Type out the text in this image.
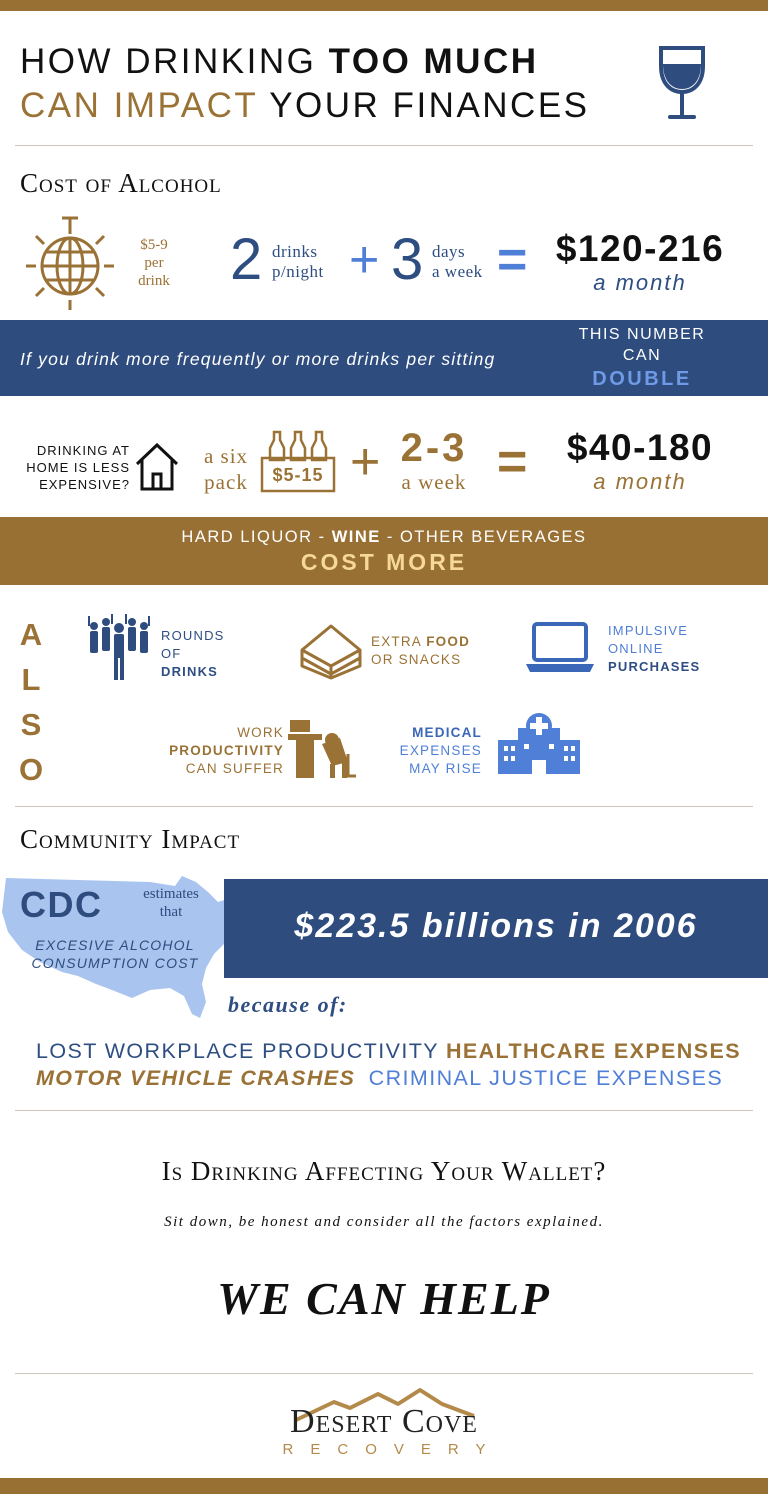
HOW DRINKING TOO MUCH
CAN IMPACT YOUR FINANCES
Cost of Alcohol
$5-9
per
drink	2 drinks
p/night + 3 days
a week = $120-216
a month
If you drink more frequently or more drinks per sitting
THIS NUMBER
CAN
DOUBLE
DRINKING AT
HOME IS LESS
EXPENSIVE?
a six
pack	$5-15 + 2-3
a week =	$40-180
a month
HARD LIQUOR - WINE - OTHER BEVERAGES
COST MORE
A
L
S
O
ROUNDS
OF
DRINKS
EXTRA FOOD
OR SNACKS
IMPULSIVE
ONLINE
PURCHASES
WORK
PRODUCTIVITY
CAN SUFFER
MEDICAL
EXPENSES
MAY RISE
Community Impact
CDC	estimates
that
EXCESIVE ALCOHOL
CONSUMPTION COST
$223.5 billions in 2006
because of:
LOST WORKPLACE PRODUCTIVITY HEALTHCARE EXPENSES
MOTOR VEHICLE CRASHES CRIMINAL JUSTICE EXPENSES
Is Drinking Affecting Your Wallet?
Sit down, be honest and consider all the factors explained.
WE CAN HELP
Desert Cove
RECOVERY
